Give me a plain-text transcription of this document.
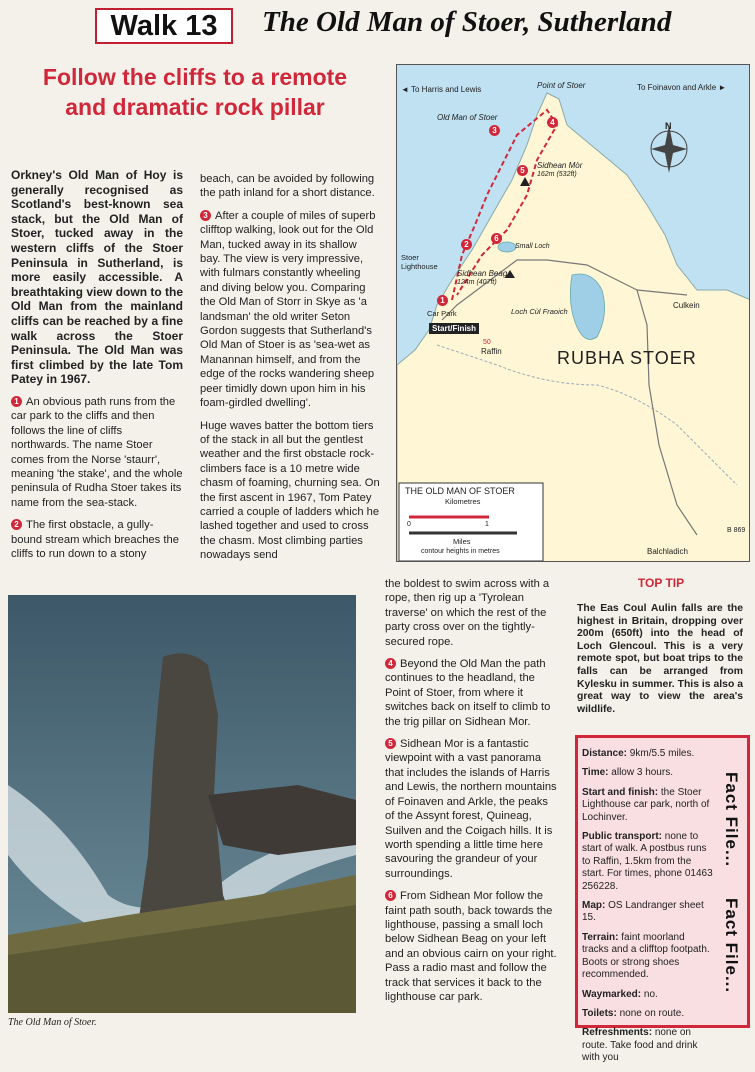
Walk 13	The Old Man of Stoer, Sutherland
Follow the cliffs to a remote
and dramatic rock pillar

Orkney's Old Man of Hoy is generally recognised as Scotland's best-known sea stack, but the Old Man of Stoer, tucked away in the western cliffs of the Stoer Peninsula in Sutherland, is more easily accessible. A breathtaking view down to the Old Man from the mainland cliffs can be reached by a fine walk across the Stoer Peninsula. The Old Man was first climbed by the late Tom Patey in 1967.

1 An obvious path runs from the car park to the cliffs and then follows the line of cliffs northwards. The name Stoer comes from the Norse 'staurr', meaning 'the stake', and the whole peninsula of Rudha Stoer takes its name from the sea-stack.

2 The first obstacle, a gully-bound stream which breaches the cliffs to run down to a stony

beach, can be avoided by following the path inland for a short distance.

3 After a couple of miles of superb clifftop walking, look out for the Old Man, tucked away in its shallow bay. The view is very impressive, with fulmars constantly wheeling and diving below you. Comparing the Old Man of Storr in Skye as 'a landsman' the old writer Seton Gordon suggests that Sutherland's Old Man of Stoer is as 'sea-wet as Manannan himself, and from the edge of the rocks wandering sheep peer timidly down upon him in his foam-girdled dwelling'.

Huge waves batter the bottom tiers of the stack in all but the gentlest weather and the first obstacle rock-climbers face is a 10 metre wide chasm of foaming, churning sea. On the first ascent in 1967, Tom Patey carried a couple of ladders which he lashed together and used to cross the chasm. Most climbing parties nowadays send

◄ To Harris and Lewis	To Foinavon and Arkle ►
Point of Stoer
Old Man of Stoer
Sidhean Mòr
162m (532ft)
Small Loch
Stoer Lighthouse
Sidhean Beag
124m (407ft)
Car Park
Start/Finish
Loch Cùl Fraoich
Culkein
Raffin	RUBHA STOER
Balchladich
B 869
50
N
1
2
3
4
5
6
THE OLD MAN OF STOER
Kilometres
0	1
Miles
contour heights in metres
The Old Man of Stoer.

the boldest to swim across with a rope, then rig up a 'Tyrolean traverse' on which the rest of the party cross over on the tightly-secured rope.

4 Beyond the Old Man the path continues to the headland, the Point of Stoer, from where it switches back on itself to climb to the trig pillar on Sidhean Mor.

5 Sidhean Mor is a fantastic viewpoint with a vast panorama that includes the islands of Harris and Lewis, the northern mountains of Foinaven and Arkle, the peaks of the Assynt forest, Quineag, Suilven and the Coigach hills. It is worth spending a little time here savouring the grandeur of your surroundings.

6 From Sidhean Mor follow the faint path south, back towards the lighthouse, passing a small loch below Sidhean Beag on your left and an obvious cairn on your right. Pass a radio mast and follow the track that services it back to the lighthouse car park.

TOP TIP
The Eas Coul Aulin falls are the highest in Britain, dropping over 200m (650ft) into the head of Loch Glencoul. This is a very remote spot, but boat trips to the falls can be arranged from Kylesku in summer. This is also a great way to view the area's wildlife.
Fact File...
Fact File...
Distance: 9km/5.5 miles.
Time: allow 3 hours.
Start and finish: the Stoer Lighthouse car park, north of Lochinver.
Public transport: none to start of walk. A postbus runs to Raffin, 1.5km from the start. For times, phone 01463 256228.
Map: OS Landranger sheet 15.
Terrain: faint moorland tracks and a clifftop footpath. Boots or strong shoes recommended.
Waymarked: no.
Toilets: none on route.
Refreshments: none on route. Take food and drink with you
